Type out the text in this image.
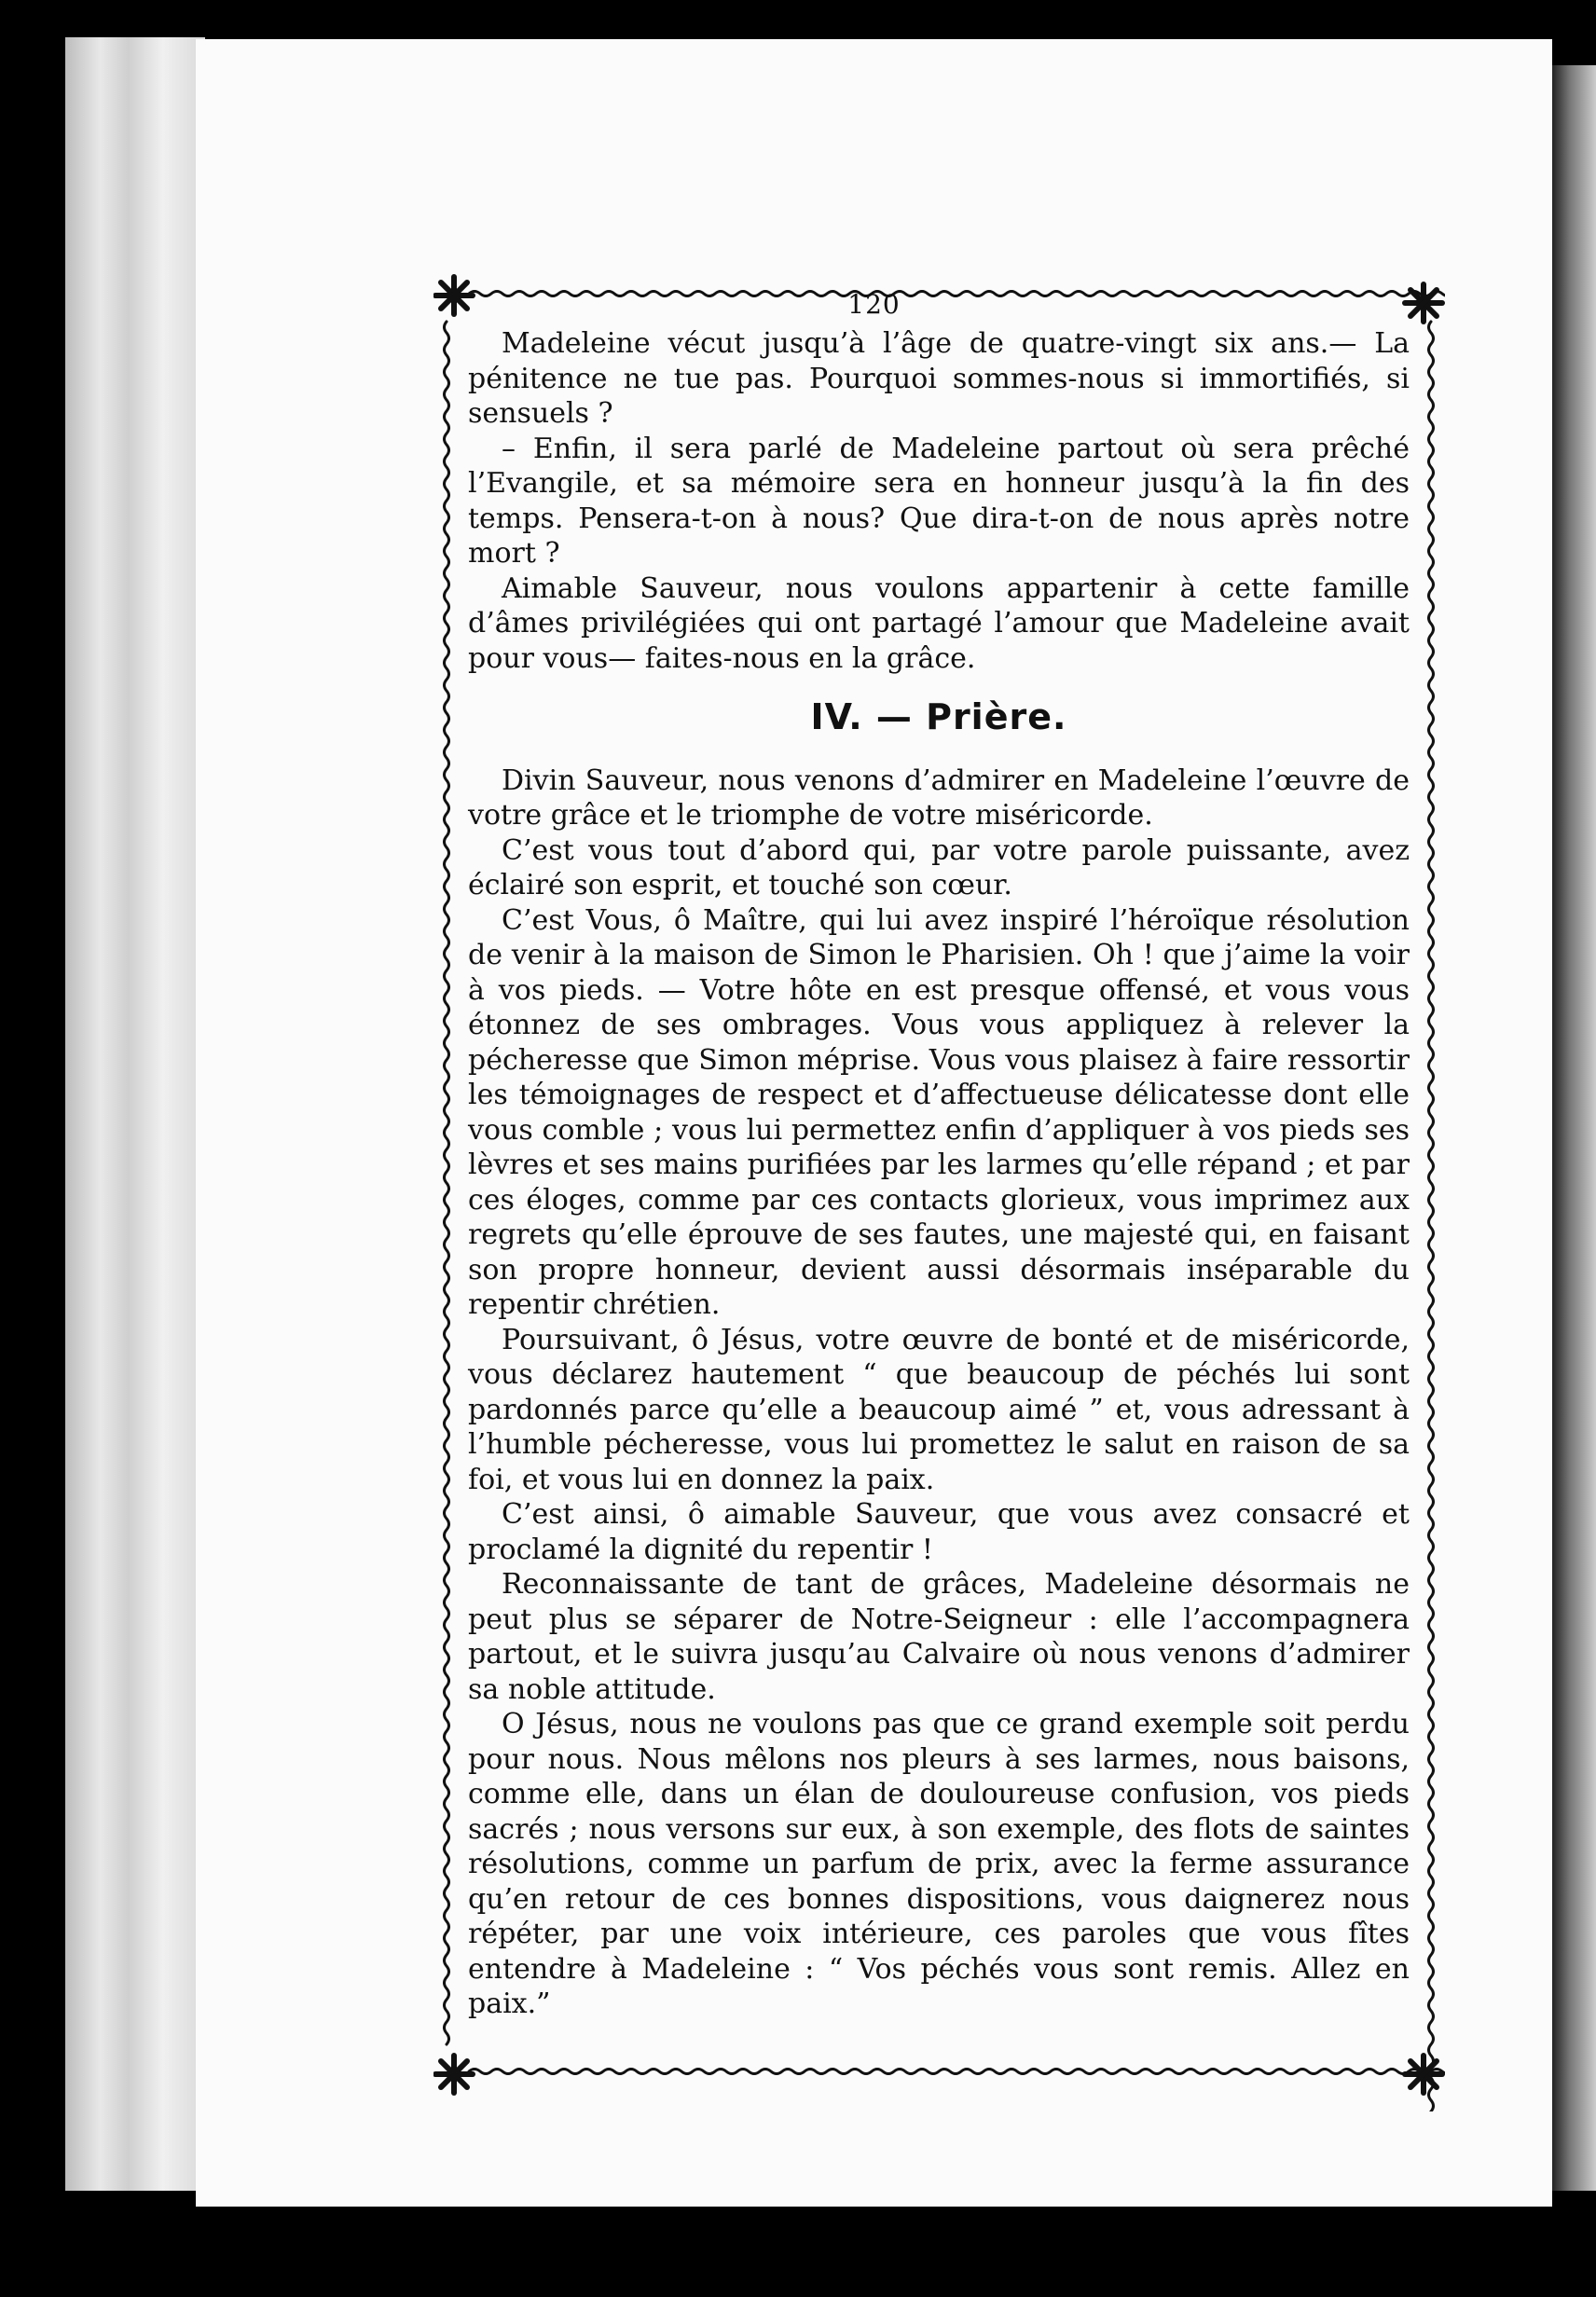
120

Madeleine vécut jusqu’à l’âge de quatre-vingt six ans.— La pénitence ne tue pas. Pourquoi sommes-nous si immortifiés, si sensuels ?

– Enfin, il sera parlé de Madeleine partout où sera prêché l’Evangile, et sa mémoire sera en honneur jusqu’à la fin des temps. Pensera-t-on à nous? Que dira-t-on de nous après notre mort ?

Aimable Sauveur, nous voulons appartenir à cette famille d’âmes privilégiées qui ont partagé l’amour que Madeleine avait pour vous— faites-nous en la grâce.

IV. — Prière.

Divin Sauveur, nous venons d’admirer en Madeleine l’œuvre de votre grâce et le triomphe de votre miséricorde.

C’est vous tout d’abord qui, par votre parole puissante, avez éclairé son esprit, et touché son cœur.

C’est Vous, ô Maître, qui lui avez inspiré l’héroïque résolution de venir à la maison de Simon le Pharisien. Oh ! que j’aime la voir à vos pieds. — Votre hôte en est presque offensé, et vous vous étonnez de ses ombrages. Vous vous appliquez à relever la pécheresse que Simon méprise. Vous vous plaisez à faire ressortir les témoignages de respect et d’affectueuse délicatesse dont elle vous comble ; vous lui permettez enfin d’appliquer à vos pieds ses lèvres et ses mains purifiées par les larmes qu’elle répand ; et par ces éloges, comme par ces contacts glorieux, vous imprimez aux regrets qu’elle éprouve de ses fautes, une majesté qui, en faisant son propre honneur, devient aussi désormais inséparable du repentir chrétien.

Poursuivant, ô Jésus, votre œuvre de bonté et de miséricorde, vous déclarez hautement “ que beaucoup de péchés lui sont pardonnés parce qu’elle a beaucoup aimé ” et, vous adressant à l’humble pécheresse, vous lui promettez le salut en raison de sa foi, et vous lui en donnez la paix.

C’est ainsi, ô aimable Sauveur, que vous avez consacré et proclamé la dignité du repentir !

Reconnaissante de tant de grâces, Madeleine désormais ne peut plus se séparer de Notre-Seigneur : elle l’accompagnera partout, et le suivra jusqu’au Calvaire où nous venons d’admirer sa noble attitude.

O Jésus, nous ne voulons pas que ce grand exemple soit perdu pour nous. Nous mêlons nos pleurs à ses larmes, nous baisons, comme elle, dans un élan de douloureuse confusion, vos pieds sacrés ; nous versons sur eux, à son exemple, des flots de saintes résolutions, comme un parfum de prix, avec la ferme assurance qu’en retour de ces bonnes dispositions, vous daignerez nous répéter, par une voix intérieure, ces paroles que vous fîtes entendre à Madeleine : “ Vos péchés vous sont remis. Allez en paix.”
